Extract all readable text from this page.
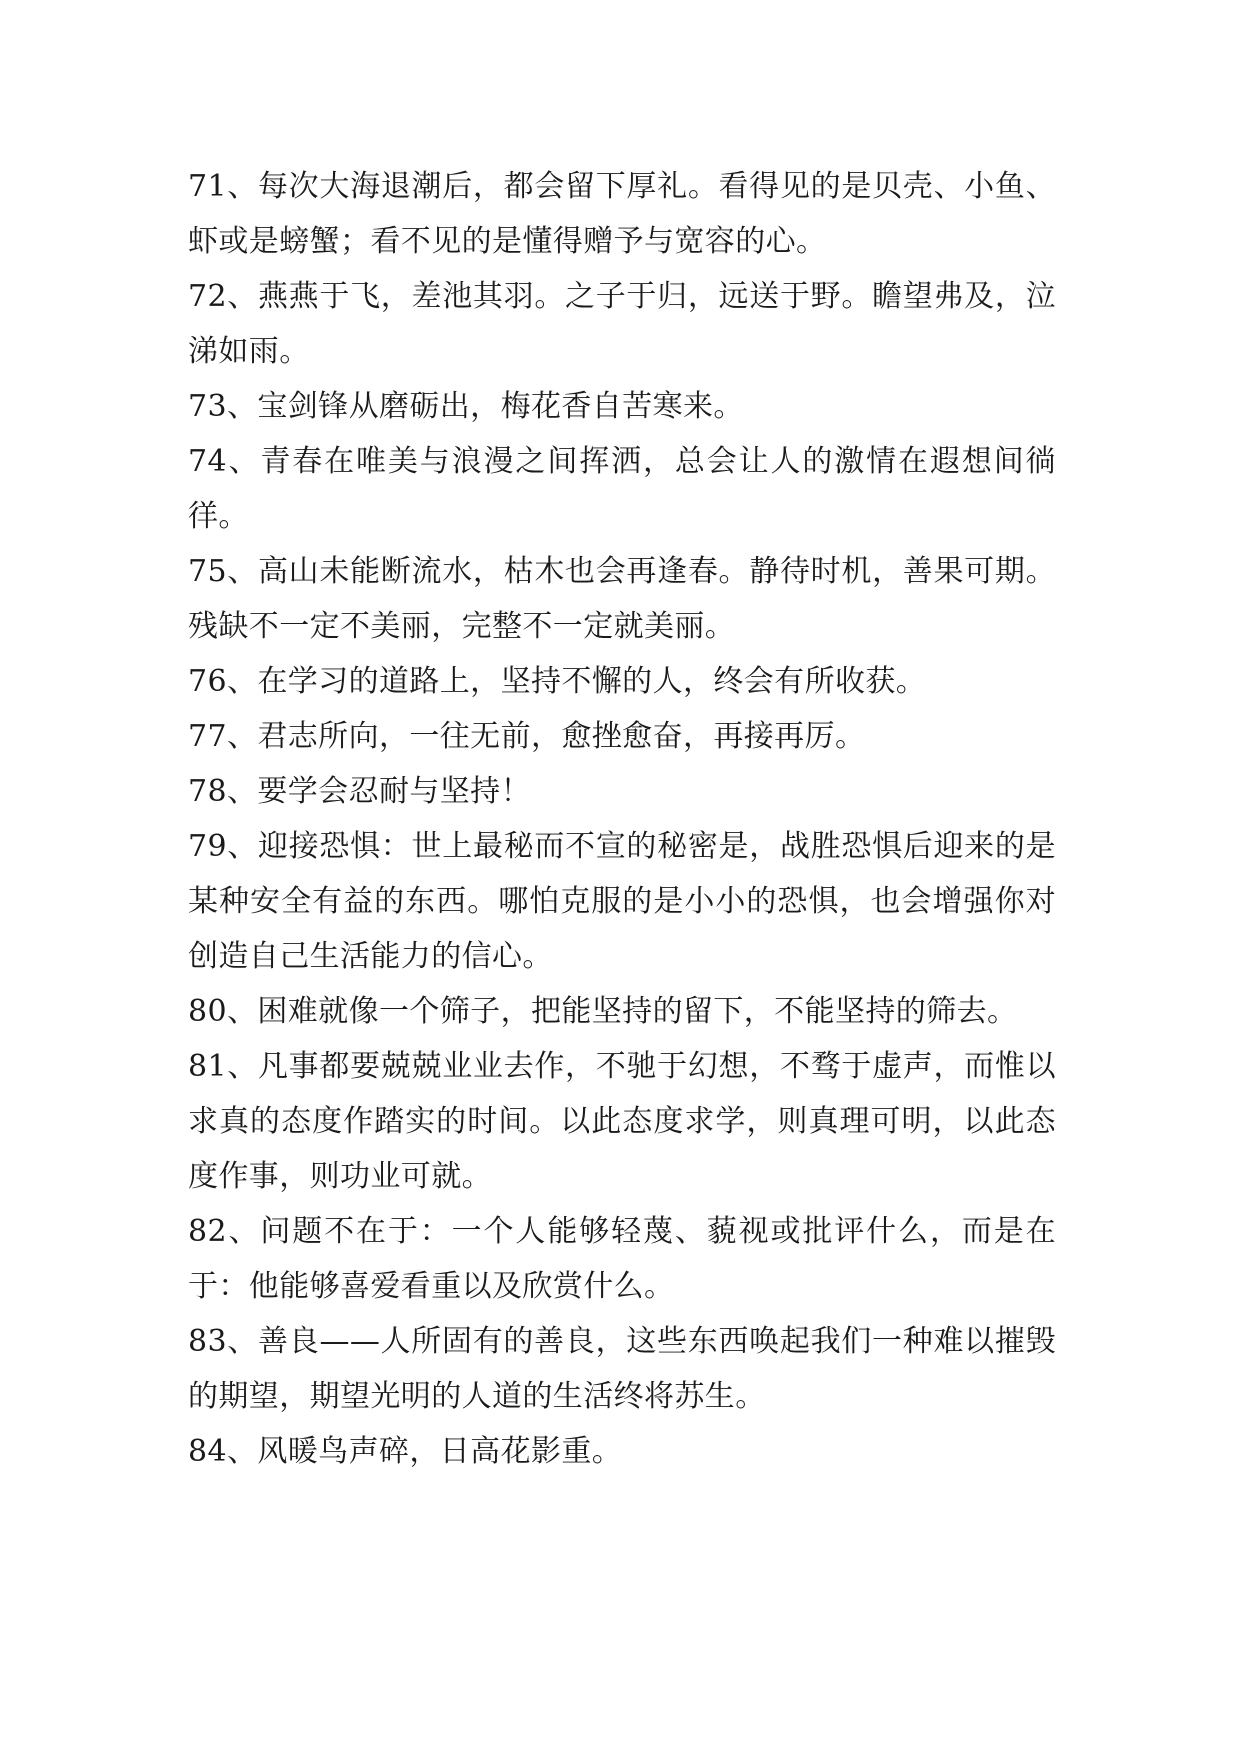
71、每次大海退潮后，都会留下厚礼。看得见的是贝壳、小鱼、虾或是螃蟹；看不见的是懂得赠予与宽容的心。

72、燕燕于飞，差池其羽。之子于归，远送于野。瞻望弗及，泣涕如雨。

73、宝剑锋从磨砺出，梅花香自苦寒来。

74、青春在唯美与浪漫之间挥洒，总会让人的激情在遐想间徜徉。

75、高山未能断流水，枯木也会再逢春。静待时机，善果可期。残缺不一定不美丽，完整不一定就美丽。

76、在学习的道路上，坚持不懈的人，终会有所收获。

77、君志所向，一往无前，愈挫愈奋，再接再厉。

78、要学会忍耐与坚持！

79、迎接恐惧：世上最秘而不宣的秘密是，战胜恐惧后迎来的是某种安全有益的东西。哪怕克服的是小小的恐惧，也会增强你对创造自己生活能力的信心。

80、困难就像一个筛子，把能坚持的留下，不能坚持的筛去。

81、凡事都要兢兢业业去作，不驰于幻想，不骛于虚声，而惟以求真的态度作踏实的时间。以此态度求学，则真理可明，以此态度作事，则功业可就。

82、问题不在于：一个人能够轻蔑、藐视或批评什么，而是在于：他能够喜爱看重以及欣赏什么。

83、善良——人所固有的善良，这些东西唤起我们一种难以摧毁的期望，期望光明的人道的生活终将苏生。

84、风暖鸟声碎，日高花影重。
